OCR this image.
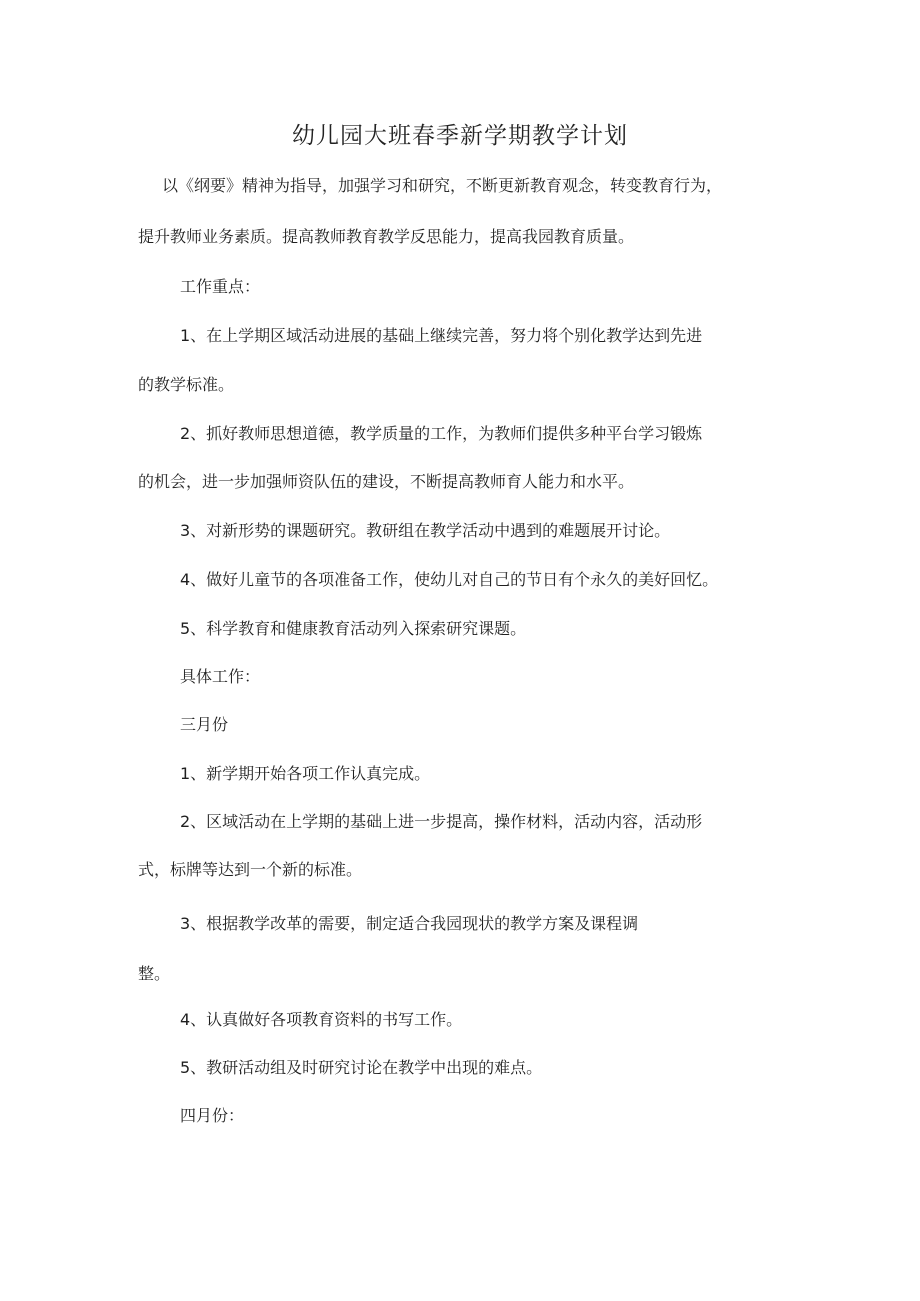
幼儿园大班春季新学期教学计划

以《纲要》精神为指导，加强学习和研究，不断更新教育观念，转变教育行为，

提升教师业务素质。提高教师教育教学反思能力，提高我园教育质量。

工作重点：

1、在上学期区域活动进展的基础上继续完善，努力将个别化教学达到先进

的教学标准。

2、抓好教师思想道德，教学质量的工作，为教师们提供多种平台学习锻炼

的机会，进一步加强师资队伍的建设，不断提高教师育人能力和水平。

3、对新形势的课题研究。教研组在教学活动中遇到的难题展开讨论。

4、做好儿童节的各项准备工作，使幼儿对自己的节日有个永久的美好回忆。

5、科学教育和健康教育活动列入探索研究课题。

具体工作：

三月份

1、新学期开始各项工作认真完成。

2、区域活动在上学期的基础上进一步提高，操作材料，活动内容，活动形

式，标牌等达到一个新的标准。

3、根据教学改革的需要，制定适合我园现状的教学方案及课程调

整。

4、认真做好各项教育资料的书写工作。

5、教研活动组及时研究讨论在教学中出现的难点。

四月份：
